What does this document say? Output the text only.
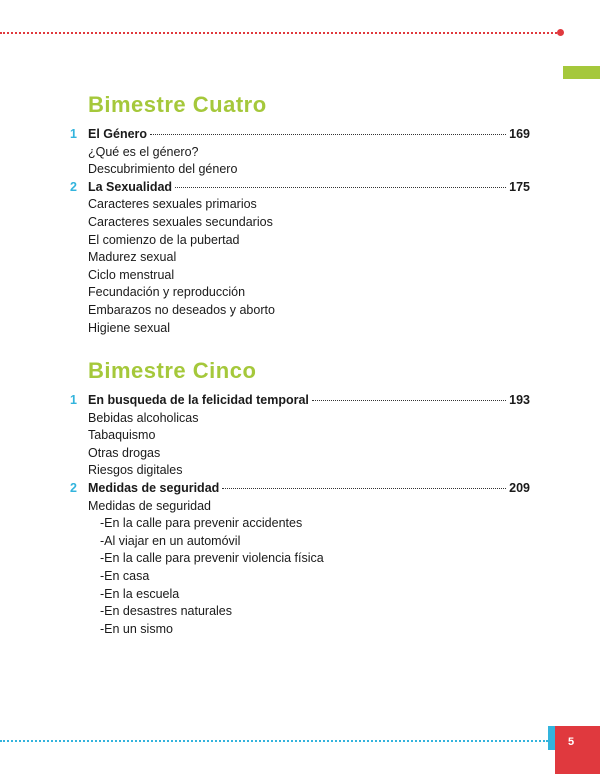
Bimestre Cuatro
1 El Género	169
¿Qué es el género?
Descubrimiento del género
2 La Sexualidad	175
Caracteres sexuales primarios
Caracteres sexuales secundarios
El comienzo de la pubertad
Madurez sexual
Ciclo menstrual
Fecundación y reproducción
Embarazos no deseados y aborto
Higiene sexual
Bimestre Cinco
1 En busqueda de la felicidad temporal	193
Bebidas alcoholicas
Tabaquismo
Otras drogas
Riesgos digitales
2 Medidas de seguridad	209
Medidas de seguridad
-En la calle para prevenir accidentes
-Al viajar en un automóvil
-En la calle para prevenir violencia física
-En casa
-En la escuela
-En desastres naturales
-En un sismo
5
